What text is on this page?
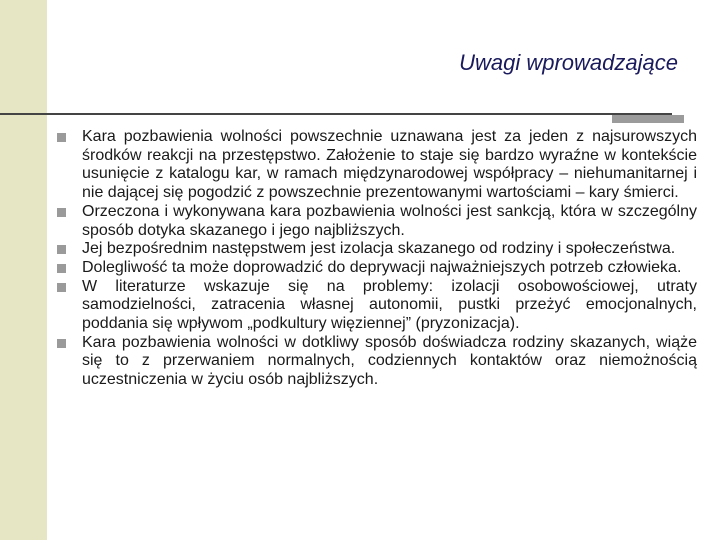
Uwagi wprowadzające
Kara pozbawienia wolności powszechnie uznawana jest za jeden z najsurowszych środków reakcji na przestępstwo. Założenie to staje się bardzo wyraźne w kontekście usunięcie z katalogu kar, w ramach międzynarodowej współpracy – niehumanitarnej i nie dającej się pogodzić z powszechnie prezentowanymi wartościami – kary śmierci.
Orzeczona i wykonywana kara pozbawienia wolności jest sankcją, która w szczególny sposób dotyka skazanego i jego najbliższych.
Jej bezpośrednim następstwem jest izolacja skazanego od rodziny i społeczeństwa.
Dolegliwość ta może doprowadzić do deprywacji najważniejszych potrzeb człowieka.
W literaturze wskazuje się na problemy: izolacji osobowościowej, utraty samodzielności, zatracenia własnej autonomii, pustki przeżyć emocjonalnych, poddania się wpływom „podkultury więziennej” (pryzonizacja).
Kara pozbawienia wolności w dotkliwy sposób doświadcza rodziny skazanych, wiąże się to z przerwaniem normalnych, codziennych kontaktów oraz niemożnością uczestniczenia w życiu osób najbliższych.
